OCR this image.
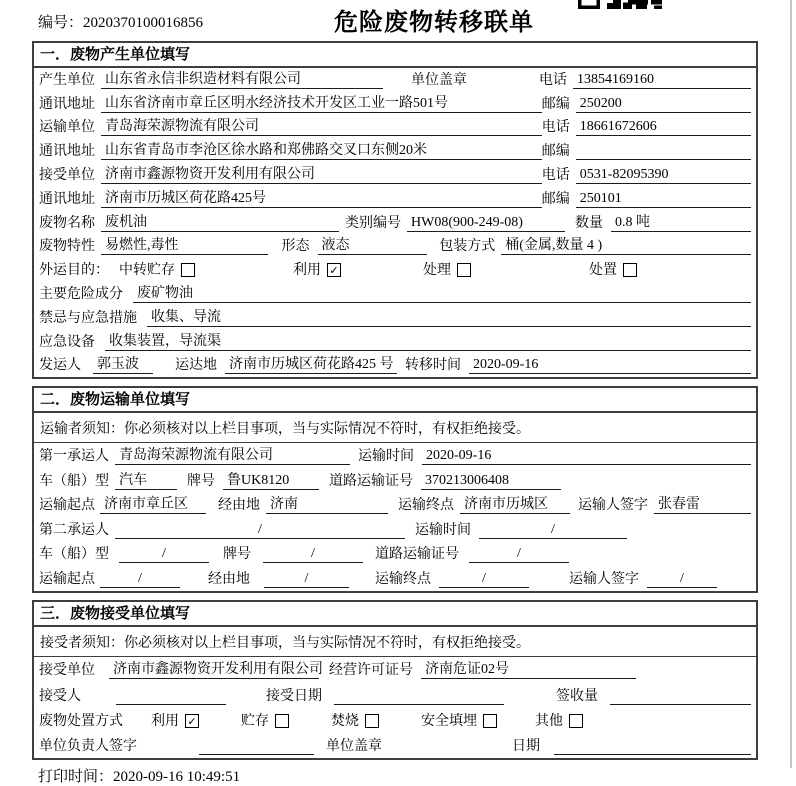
编号：2020370100016856	危险废物转移联单
一．废物产生单位填写
产生单位 山东省永信非织造材料有限公司	单位盖章	电话 13854169160
通讯地址 山东省济南市章丘区明水经济技术开发区工业一路501号	邮编 250200
运输单位 青岛海荣源物流有限公司	电话 18661672606
通讯地址 山东省青岛市李沧区徐水路和郑佛路交叉口东侧20米	邮编
接受单位 济南市鑫源物资开发利用有限公司	电话 0531-82095390
通讯地址 济南市历城区荷花路425号	邮编 250101
废物名称 废机油	类别编号 HW08(900-249-08)	数量 0.8 吨
废物特性 易燃性,毒性	形态 液态	包装方式 桶(金属,数量 4 )
外运目的： 中转贮存	利用 ✓	处理	处置
主要危险成分 废矿物油
禁忌与应急措施 收集、导流
应急设备 收集装置，导流渠
发运人 郭玉波	运达地 济南市历城区荷花路425 号 转移时间 2020-09-16
二．废物运输单位填写
运输者须知：你必须核对以上栏目事项，当与实际情况不符时，有权拒绝接受。
第一承运人 青岛海荣源物流有限公司	运输时间 2020-09-16
车（船）型 汽车	牌号 鲁UK8120	道路运输证号 370213006408
运输起点 济南市章丘区	经由地 济南	运输终点 济南市历城区	运输人签字 张春雷
第二承运人	/	运输时间	/
车（船）型	/	牌号	/	道路运输证号	/
运输起点	/	经由地	/	运输终点	/	运输人签字	/
三．废物接受单位填写
接受者须知：你必须核对以上栏目事项，当与实际情况不符时，有权拒绝接受。
接受单位 济南市鑫源物资开发利用有限公司 经营许可证号 济南危证02号
接受人	接受日期	签收量
废物处置方式 利用 ✓	贮存	焚烧	安全填埋	其他
单位负责人签字	单位盖章	日期
打印时间：2020-09-16 10:49:51
